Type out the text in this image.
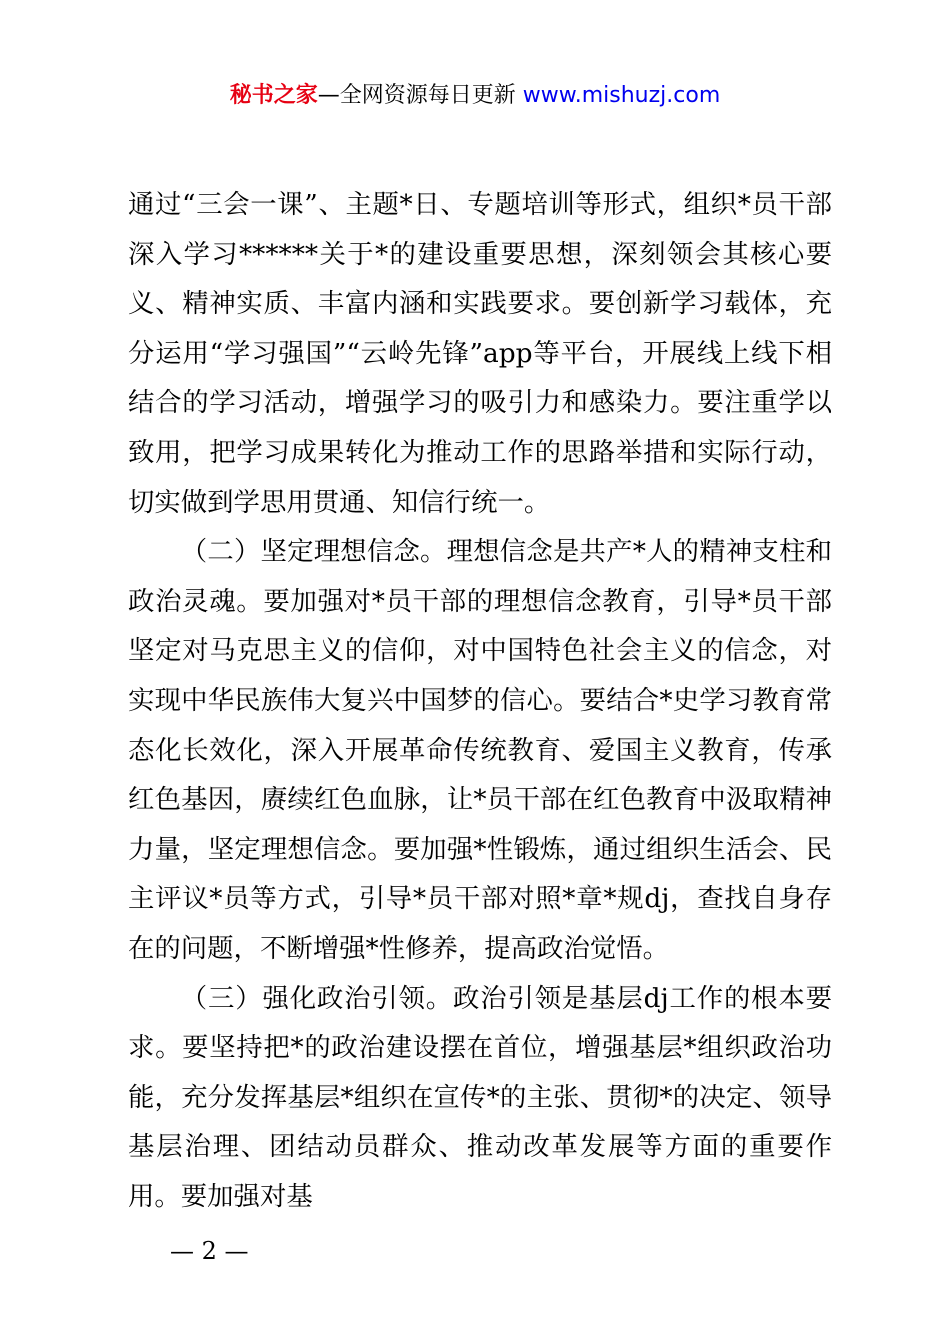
秘书之家—全网资源每日更新 www.mishuzj.com

通过“三会一课”、主题*日、专题培训等形式，组织*员干部深入学习******关于*的建设重要思想，深刻领会其核心要义、精神实质、丰富内涵和实践要求。要创新学习载体，充分运用“学习强国”“云岭先锋”app等平台，开展线上线下相结合的学习活动，增强学习的吸引力和感染力。要注重学以致用，把学习成果转化为推动工作的思路举措和实际行动，切实做到学思用贯通、知信行统一。

（二）坚定理想信念。理想信念是共产*人的精神支柱和政治灵魂。要加强对*员干部的理想信念教育，引导*员干部坚定对马克思主义的信仰，对中国特色社会主义的信念，对实现中华民族伟大复兴中国梦的信心。要结合*史学习教育常态化长效化，深入开展革命传统教育、爱国主义教育，传承红色基因，赓续红色血脉，让*员干部在红色教育中汲取精神力量，坚定理想信念。要加强*性锻炼，通过组织生活会、民主评议*员等方式，引导*员干部对照*章*规dj，查找自身存在的问题，不断增强*性修养，提高政治觉悟。

（三）强化政治引领。政治引领是基层dj工作的根本要求。要坚持把*的政治建设摆在首位，增强基层*组织政治功能，充分发挥基层*组织在宣传*的主张、贯彻*的决定、领导基层治理、团结动员群众、推动改革发展等方面的重要作用。要加强对基

— 2 —
